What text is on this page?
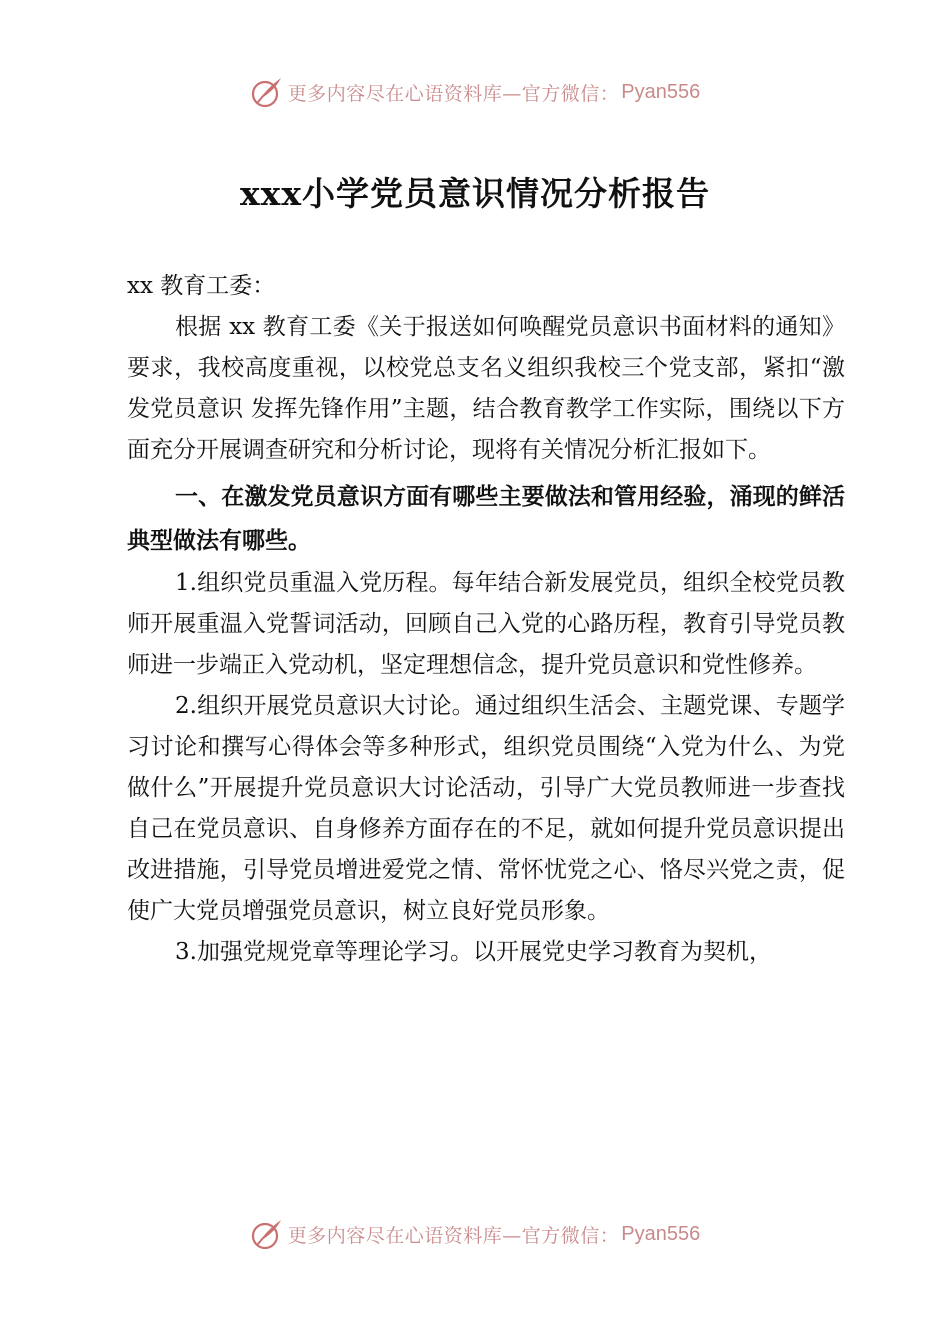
更多内容尽在心语资料库—官方微信： Pyan556
xxx小学党员意识情况分析报告

xx 教育工委：

根据 xx 教育工委《关于报送如何唤醒党员意识书面材料的通知》要求，我校高度重视，以校党总支名义组织我校三个党支部，紧扣“激发党员意识 发挥先锋作用”主题，结合教育教学工作实际，围绕以下方面充分开展调查研究和分析讨论，现将有关情况分析汇报如下。

一、在激发党员意识方面有哪些主要做法和管用经验，涌现的鲜活典型做法有哪些。

1.组织党员重温入党历程。每年结合新发展党员，组织全校党员教师开展重温入党誓词活动，回顾自己入党的心路历程，教育引导党员教师进一步端正入党动机，坚定理想信念，提升党员意识和党性修养。

2.组织开展党员意识大讨论。通过组织生活会、主题党课、专题学习讨论和撰写心得体会等多种形式，组织党员围绕“入党为什么、为党做什么”开展提升党员意识大讨论活动，引导广大党员教师进一步查找自己在党员意识、自身修养方面存在的不足，就如何提升党员意识提出改进措施，引导党员增进爱党之情、常怀忧党之心、恪尽兴党之责，促使广大党员增强党员意识，树立良好党员形象。

3.加强党规党章等理论学习。以开展党史学习教育为契机，

更多内容尽在心语资料库—官方微信： Pyan556
